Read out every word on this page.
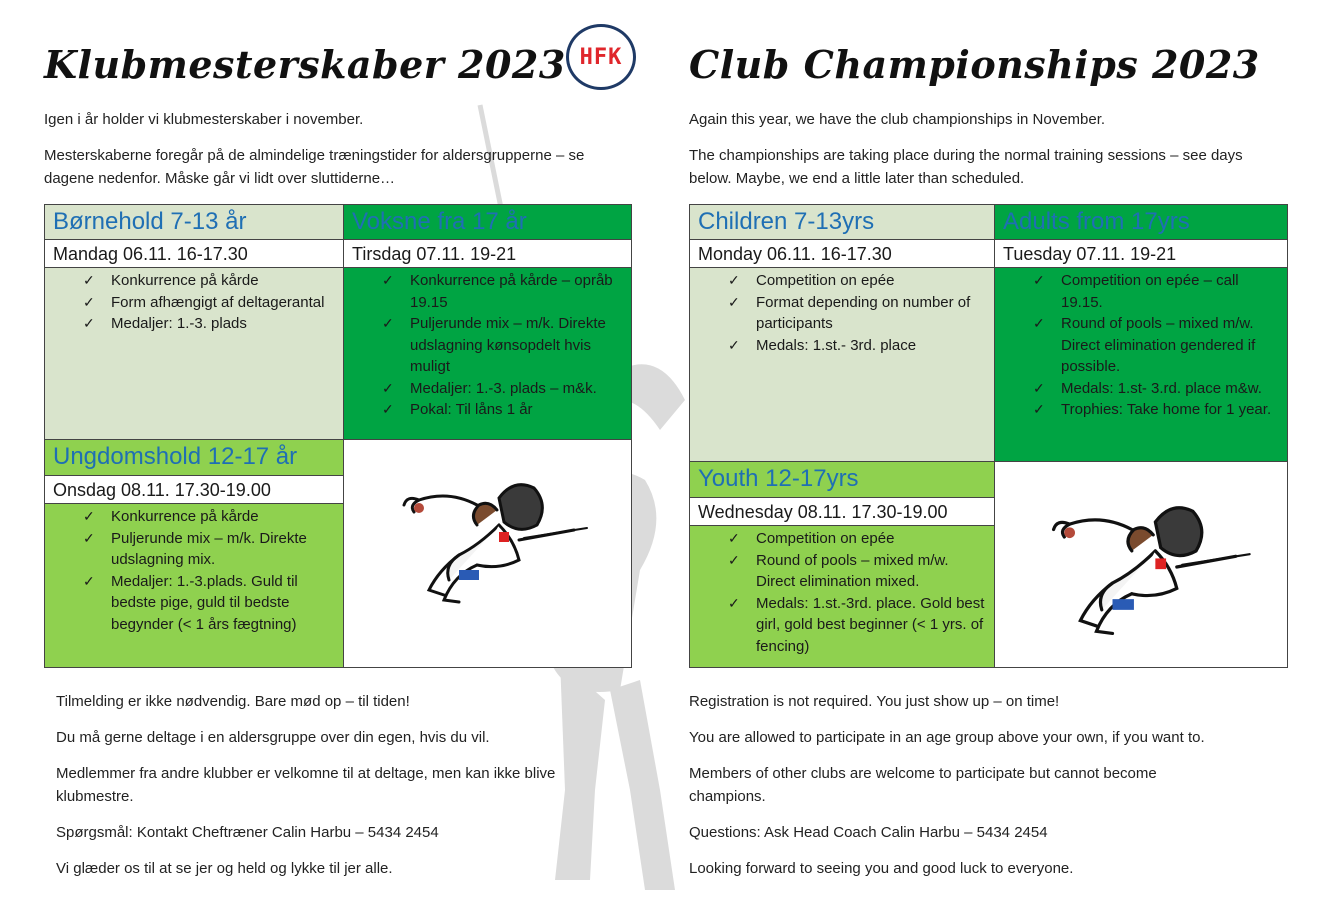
HFK
Klubmesterskaber 2023	Club Championships 2023

Igen i år holder vi klubmesterskaber i november.

Mesterskaberne foregår på de almindelige træningstider for aldersgrupperne – se dagene nedenfor. Måske går vi lidt over sluttiderne…

Again this year, we have the club championships in November.

The championships are taking place during the normal training sessions – see days below. Maybe, we end a little later than scheduled.

Børnehold 7-13 år	Voksne fra 17 år
Mandag 06.11. 16-17.30	Tirsdag 07.11. 19-21
✓ Konkurrence på kårde
✓ Form afhængigt af deltagerantal
✓ Medaljer: 1.-3. plads
✓ Konkurrence på kårde – opråb 19.15
✓ Puljerunde mix – m/k. Direkte udslagning kønsopdelt hvis muligt
✓ Medaljer: 1.-3. plads – m&k.
✓ Pokal: Til låns 1 år
Ungdomshold 12-17 år
Onsdag 08.11. 17.30-19.00
✓ Konkurrence på kårde
✓ Puljerunde mix – m/k. Direkte udslagning mix.
✓ Medaljer: 1.-3.plads. Guld til bedste pige, guld til bedste begynder (< 1 års fægtning)
Children 7-13yrs	Adults from 17yrs
Monday 06.11. 16-17.30	Tuesday 07.11. 19-21
✓ Competition on epée
✓ Format depending on number of participants
✓ Medals: 1.st.- 3rd. place
✓ Competition on epée – call 19.15.
✓ Round of pools – mixed m/w. Direct elimination gendered if possible.
✓ Medals: 1.st- 3.rd. place m&w.
✓ Trophies: Take home for 1 year.
Youth 12-17yrs
Wednesday 08.11. 17.30-19.00
✓ Competition on epée
✓ Round of pools – mixed m/w. Direct elimination mixed.
✓ Medals: 1.st.-3rd. place. Gold best girl, gold best beginner (< 1 yrs. of fencing)

Tilmelding er ikke nødvendig. Bare mød op – til tiden!

Du må gerne deltage i en aldersgruppe over din egen, hvis du vil.

Medlemmer fra andre klubber er velkomne til at deltage, men kan ikke blive klubmestre.

Spørgsmål: Kontakt Cheftræner Calin Harbu – 5434 2454

Vi glæder os til at se jer og held og lykke til jer alle.

Registration is not required. You just show up – on time!

You are allowed to participate in an age group above your own, if you want to.

Members of other clubs are welcome to participate but cannot become champions.

Questions: Ask Head Coach Calin Harbu – 5434 2454

Looking forward to seeing you and good luck to everyone.
